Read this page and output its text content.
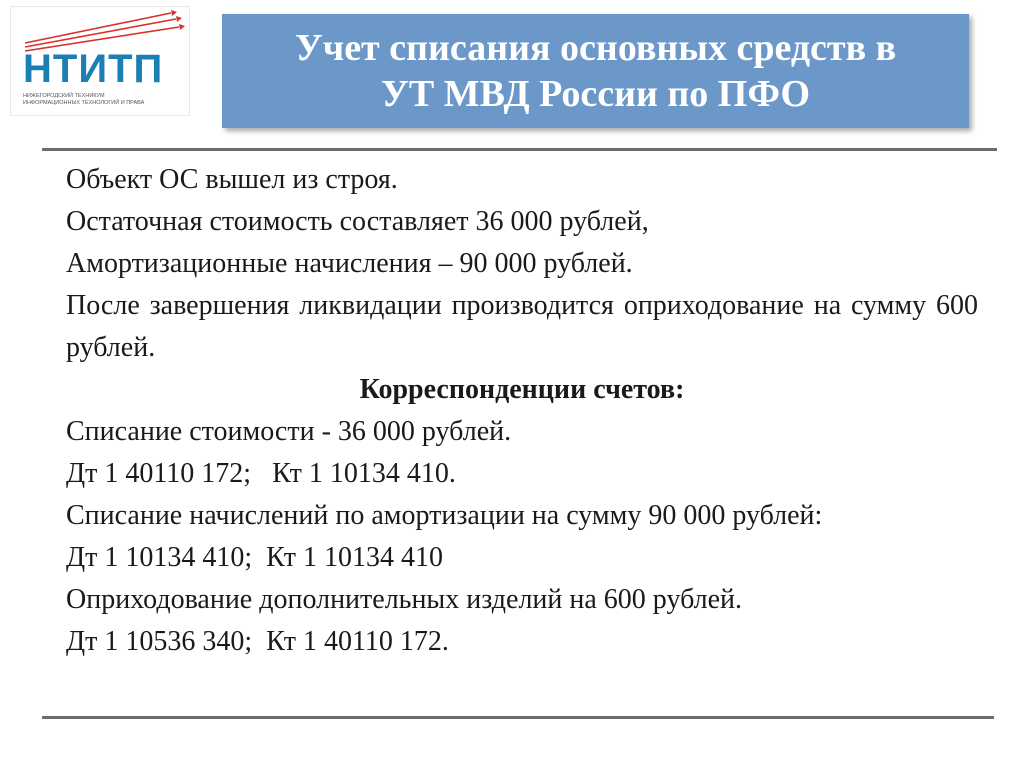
НТИТП
НИЖЕГОРОДСКИЙ ТЕХНИКУМ
ИНФОРМАЦИОННЫХ ТЕХНОЛОГИЙ И ПРАВА
Учет списания основных средств в
УТ МВД России по ПФО

Объект ОС вышел из строя.

Остаточная стоимость составляет 36 000 рублей,

Амортизационные начисления – 90 000 рублей.

После завершения ликвидации производится оприходование на сумму 600 рублей.

Корреспонденции счетов:

Списание стоимости - 36 000 рублей.

Дт 1 40110 172;   Кт 1 10134 410.

Списание начислений по амортизации на сумму 90 000 рублей:

Дт 1 10134 410;  Кт 1 10134 410

Оприходование дополнительных изделий на 600 рублей.

Дт 1 10536 340;  Кт 1 40110 172.
